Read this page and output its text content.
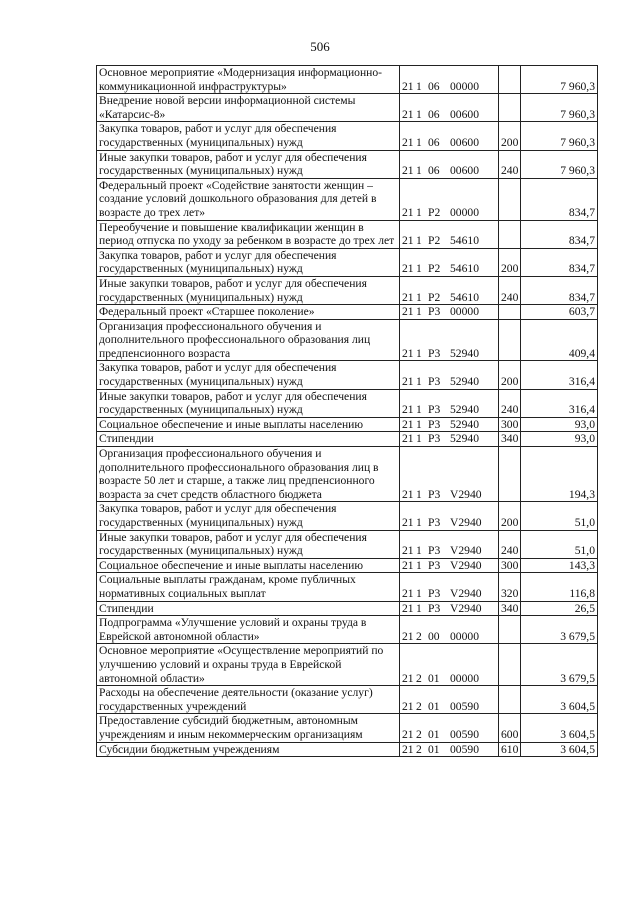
506
Основное мероприятие «Модернизация информационно-коммуникационной инфраструктуры»	21 1 06 00000		7 960,3
Внедрение новой версии информационной системы «Катарсис-8»	21 1 06 00600		7 960,3
Закупка товаров, работ и услуг для обеспечения государственных (муниципальных) нужд	21 1 06 00600	200	7 960,3
Иные закупки товаров, работ и услуг для обеспечения государственных (муниципальных) нужд	21 1 06 00600	240	7 960,3
Федеральный проект «Содействие занятости женщин – создание условий дошкольного образования для детей в возрасте до трех лет»	21 1 P2 00000		834,7
Переобучение и повышение квалификации женщин в период отпуска по уходу за ребенком в возрасте до трех лет	21 1 P2 54610		834,7
Закупка товаров, работ и услуг для обеспечения государственных (муниципальных) нужд	21 1 P2 54610	200	834,7
Иные закупки товаров, работ и услуг для обеспечения государственных (муниципальных) нужд	21 1 P2 54610	240	834,7
Федеральный проект «Старшее поколение»	21 1 P3 00000		603,7
Организация профессионального обучения и дополнительного профессионального образования лиц предпенсионного возраста	21 1 P3 52940		409,4
Закупка товаров, работ и услуг для обеспечения государственных (муниципальных) нужд	21 1 P3 52940	200	316,4
Иные закупки товаров, работ и услуг для обеспечения государственных (муниципальных) нужд	21 1 P3 52940	240	316,4
Социальное обеспечение и иные выплаты населению	21 1 P3 52940	300	93,0
Стипендии	21 1 P3 52940	340	93,0
Организация профессионального обучения и дополнительного профессионального образования лиц в возрасте 50 лет и старше, а также лиц предпенсионного возраста за счет средств областного бюджета	21 1 P3 V2940		194,3
Закупка товаров, работ и услуг для обеспечения государственных (муниципальных) нужд	21 1 P3 V2940	200	51,0
Иные закупки товаров, работ и услуг для обеспечения государственных (муниципальных) нужд	21 1 P3 V2940	240	51,0
Социальное обеспечение и иные выплаты населению	21 1 P3 V2940	300	143,3
Социальные выплаты гражданам, кроме публичных нормативных социальных выплат	21 1 P3 V2940	320	116,8
Стипендии	21 1 P3 V2940	340	26,5
Подпрограмма «Улучшение условий и охраны труда в Еврейской автономной области»	21 2 00 00000		3 679,5
Основное мероприятие «Осуществление мероприятий по улучшению условий и охраны труда в Еврейской автономной области»	21 2 01 00000		3 679,5
Расходы на обеспечение деятельности (оказание услуг) государственных учреждений	21 2 01 00590		3 604,5
Предоставление субсидий бюджетным, автономным учреждениям и иным некоммерческим организациям	21 2 01 00590	600	3 604,5
Субсидии бюджетным учреждениям	21 2 01 00590	610	3 604,5
